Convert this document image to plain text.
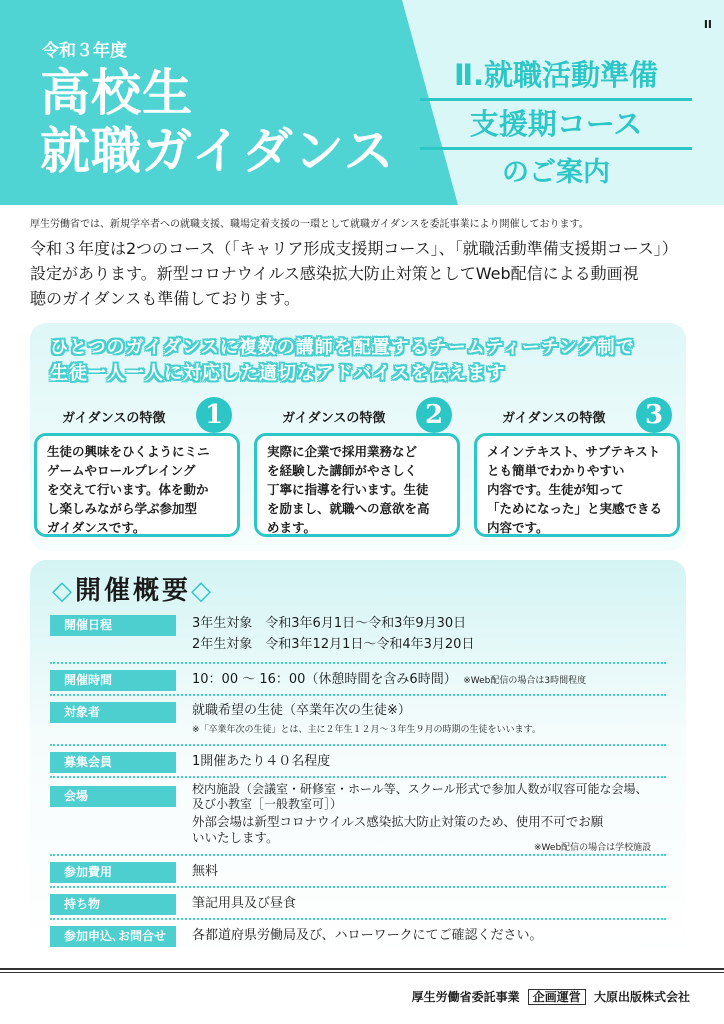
II
令和３年度
高校生
就職ガイダンス
Ⅱ.就職活動準備
支援期コース
のご案内
厚生労働省では、新規学卒者への就職支援、職場定着支援の一環として就職ガイダンスを委託事業により開催しております。
令和３年度は2つのコース（「キャリア形成支援期コース」、「就職活動準備支援期コース」）
設定があります。新型コロナウイルス感染拡大防止対策としてWeb配信による動画視
聴のガイダンスも準備しております。
ひとつのガイダンスに複数の講師を配置するチームティーチング制で
生徒一人一人に対応した適切なアドバイスを伝えます
ガイダンスの特徴	1
生徒の興味をひくようにミニ
ゲームやロールプレイング
を交えて行います。体を動か
し楽しみながら学ぶ参加型
ガイダンスです。
ガイダンスの特徴	2
実際に企業で採用業務など
を経験した講師がやさしく
丁寧に指導を行います。生徒
を励まし、就職への意欲を高
めます。
ガイダンスの特徴	3
メインテキスト、サブテキスト
とも簡単でわかりやすい
内容です。生徒が知って
「ためになった」と実感できる
内容です。
◇開催概要◇
開催日程	3年生対象　令和3年6月1日〜令和3年9月30日
2年生対象　令和3年12月1日〜令和4年3月20日
開催時間	10：00 ～ 16：00（休憩時間を含み6時間）　 ※Web配信の場合は3時間程度
対象者	就職希望の生徒（卒業年次の生徒※）
※「卒業年次の生徒」とは、主に２年生１２月〜３年生９月の時期の生徒をいいます。
募集会員	1開催あたり４０名程度
会場	校内施設（会議室・研修室・ホール等、スクール形式で参加人数が収容可能な会場、
及び小教室［一般教室可］）
外部会場は新型コロナウイルス感染拡大防止対策のため、使用不可でお願
いいたします。
※Web配信の場合は学校施設
参加費用	無料
持ち物	筆記用具及び昼食
参加申込､お問合せ	各都道府県労働局及び、ハローワークにてご確認ください。
厚生労働省委託事業 企画運営 大原出版株式会社
